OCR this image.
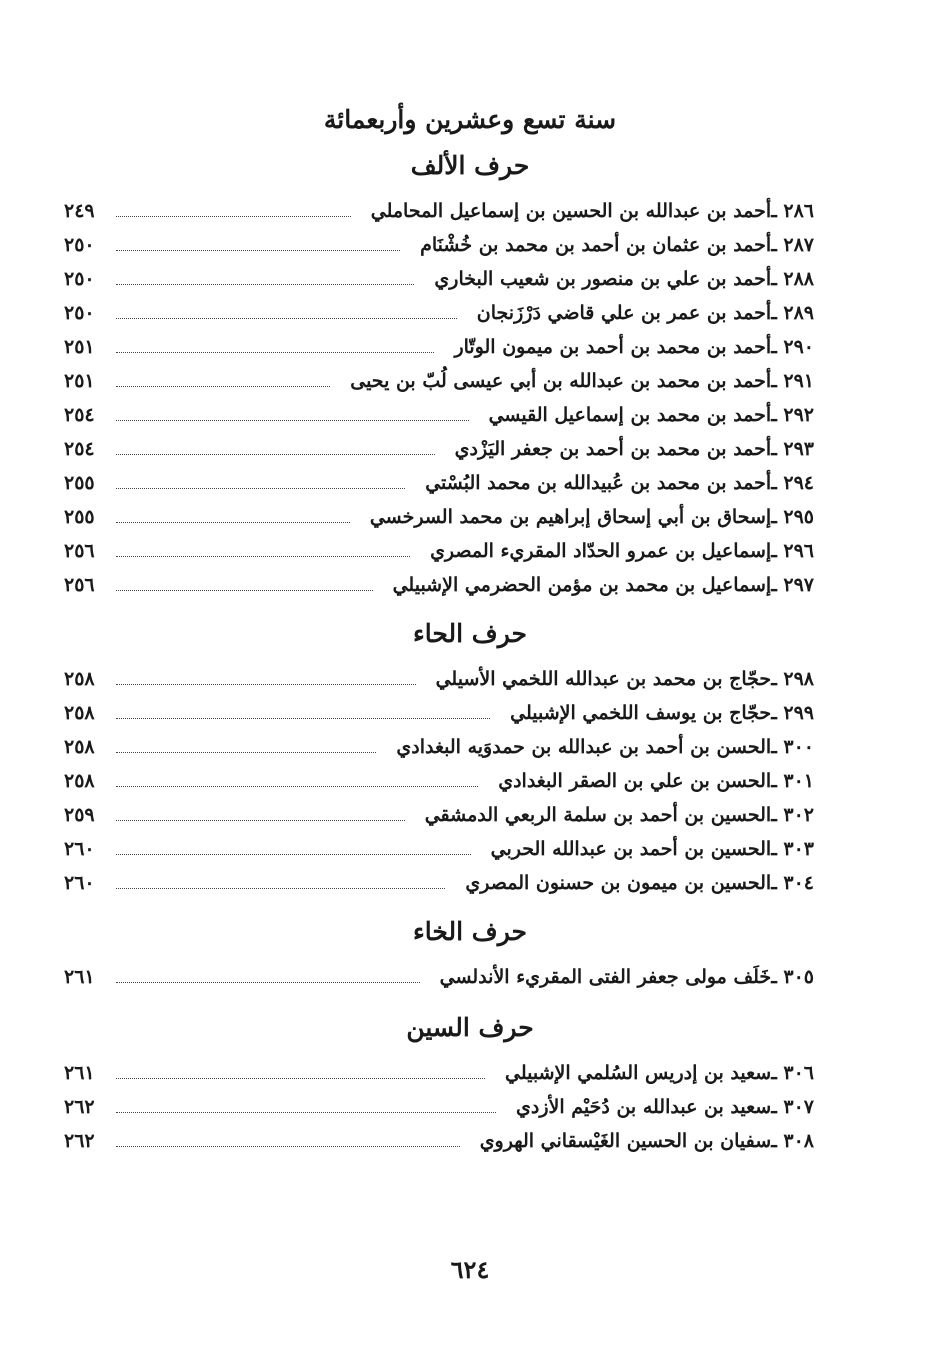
سنة تسع وعشرين وأربعمائة
حرف الألف
٢٨٦ ـ
أحمد بن عبدالله بن الحسين بن إسماعيل المحاملي
٢٤٩
٢٨٧ ـ
أحمد بن عثمان بن أحمد بن محمد بن خُشْنَام
٢٥٠
٢٨٨ ـ
أحمد بن علي بن منصور بن شعيب البخاري
٢٥٠
٢٨٩ ـ
أحمد بن عمر بن علي قاضي دَرْزَنجان
٢٥٠
٢٩٠ ـ
أحمد بن محمد بن أحمد بن ميمون الوتّار
٢٥١
٢٩١ ـ
أحمد بن محمد بن عبدالله بن أبي عيسى لُبّ بن يحيى
٢٥١
٢٩٢ ـ
أحمد بن محمد بن إسماعيل القيسي
٢٥٤
٢٩٣ ـ
أحمد بن محمد بن أحمد بن جعفر اليَزْدي
٢٥٤
٢٩٤ ـ
أحمد بن محمد بن عُبيدالله بن محمد البُسْتي
٢٥٥
٢٩٥ ـ
إسحاق بن أبي إسحاق إبراهيم بن محمد السرخسي
٢٥٥
٢٩٦ ـ
إسماعيل بن عمرو الحدّاد المقريء المصري
٢٥٦
٢٩٧ ـ
إسماعيل بن محمد بن مؤمن الحضرمي الإشبيلي
٢٥٦
حرف الحاء
٢٩٨ ـ
حجّاج بن محمد بن عبدالله اللخمي الأسيلي
٢٥٨
٢٩٩ ـ
حجّاج بن يوسف اللخمي الإشبيلي
٢٥٨
٣٠٠ ـ
الحسن بن أحمد بن عبدالله بن حمدوَيه البغدادي
٢٥٨
٣٠١ ـ
الحسن بن علي بن الصقر البغدادي
٢٥٨
٣٠٢ ـ
الحسين بن أحمد بن سلمة الربعي الدمشقي
٢٥٩
٣٠٣ ـ
الحسين بن أحمد بن عبدالله الحربي
٢٦٠
٣٠٤ ـ
الحسين بن ميمون بن حسنون المصري
٢٦٠
حرف الخاء
٣٠٥ ـ
خَلَف مولى جعفر الفتى المقريء الأندلسي
٢٦١
حرف السين
٣٠٦ ـ
سعيد بن إدريس السُلمي الإشبيلي
٢٦١
٣٠٧ ـ
سعيد بن عبدالله بن دُحَيْم الأزدي
٢٦٢
٣٠٨ ـ
سفيان بن الحسين الغَيْسقاني الهروي
٢٦٢
٦٢٤
